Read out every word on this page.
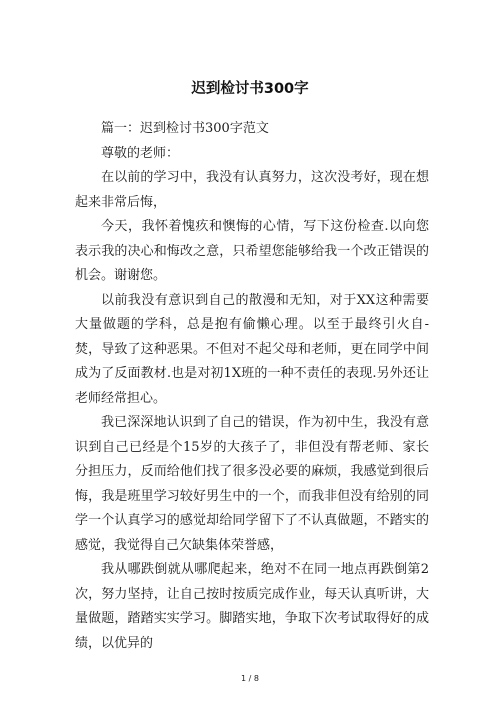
迟到检讨书300字

篇一：迟到检讨书300字范文

尊敬的老师：

在以前的学习中，我没有认真努力，这次没考好，现在想起来非常后悔，

今天，我怀着愧疚和懊悔的心情，写下这份检查.以向您表示我的决心和悔改之意，只希望您能够给我一个改正错误的机会。谢谢您。

以前我没有意识到自己的散漫和无知，对于XX这种需要大量做题的学科，总是抱有偷懒心理。以至于最终引火自-焚，导致了这种恶果。不但对不起父母和老师，更在同学中间成为了反面教材.也是对初1X班的一种不责任的表现.另外还让老师经常担心。

我已深深地认识到了自己的错误，作为初中生，我没有意识到自己已经是个15岁的大孩子了，非但没有帮老师、家长分担压力，反而给他们找了很多没必要的麻烦，我感觉到很后悔，我是班里学习较好男生中的一个，而我非但没有给别的同学一个认真学习的感觉却给同学留下了不认真做题，不踏实的感觉，我觉得自己欠缺集体荣誉感，

我从哪跌倒就从哪爬起来，绝对不在同一地点再跌倒第2次，努力坚持，让自己按时按质完成作业，每天认真听讲，大量做题，踏踏实实学习。脚踏实地，争取下次考试取得好的成绩，以优异的

1 / 8
